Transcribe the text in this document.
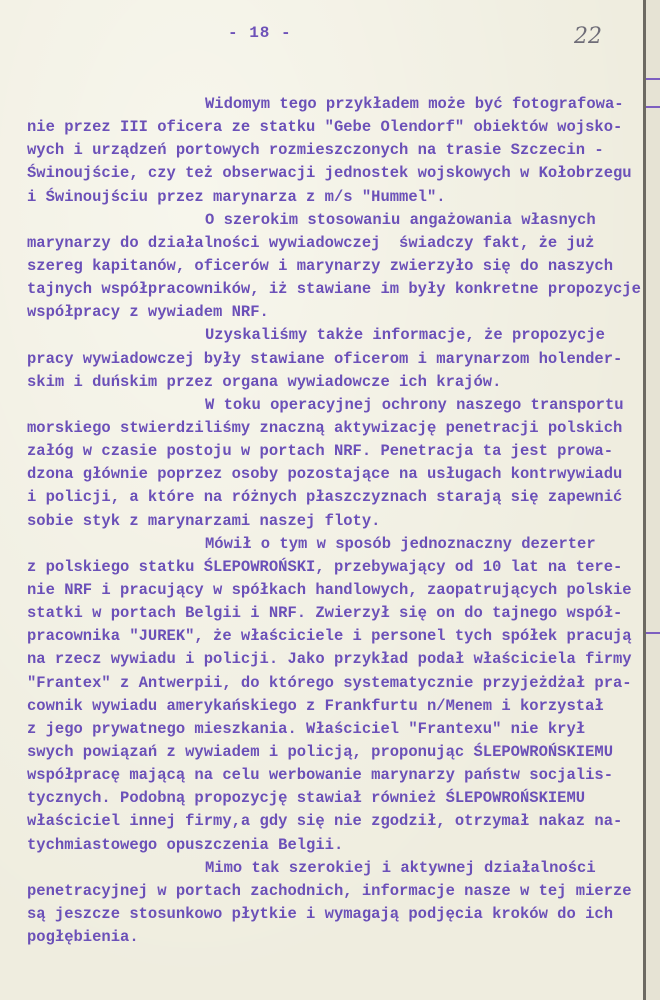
- 18 -	22
Widomym tego przykładem może być fotografowa-
nie przez III oficera ze statku "Gebe Olendorf" obiektów wojsko-
wych i urządzeń portowych rozmieszczonych na trasie Szczecin -
Świnoujście, czy też obserwacji jednostek wojskowych w Kołobrzegu
i Świnoujściu przez marynarza z m/s "Hummel".
O szerokim stosowaniu angażowania własnych
marynarzy do działalności wywiadowczej  świadczy fakt, że już
szereg kapitanów, oficerów i marynarzy zwierzyło się do naszych
tajnych współpracowników, iż stawiane im były konkretne propozycje
współpracy z wywiadem NRF.
Uzyskaliśmy także informacje, że propozycje
pracy wywiadowczej były stawiane oficerom i marynarzom holender-
skim i duńskim przez organa wywiadowcze ich krajów.
W toku operacyjnej ochrony naszego transportu
morskiego stwierdziliśmy znaczną aktywizację penetracji polskich
załóg w czasie postoju w portach NRF. Penetracja ta jest prowa-
dzona głównie poprzez osoby pozostające na usługach kontrwywiadu
i policji, a które na różnych płaszczyznach starają się zapewnić
sobie styk z marynarzami naszej floty.
Mówił o tym w sposób jednoznaczny dezerter
z polskiego statku ŚLEPOWROŃSKI, przebywający od 10 lat na tere-
nie NRF i pracujący w spółkach handlowych, zaopatrujących polskie
statki w portach Belgii i NRF. Zwierzył się on do tajnego współ-
pracownika "JUREK", że właściciele i personel tych spółek pracują
na rzecz wywiadu i policji. Jako przykład podał właściciela firmy
"Frantex" z Antwerpii, do którego systematycznie przyjeżdżał pra-
cownik wywiadu amerykańskiego z Frankfurtu n/Menem i korzystał
z jego prywatnego mieszkania. Właściciel "Frantexu" nie krył
swych powiązań z wywiadem i policją, proponując ŚLEPOWROŃSKIEMU
współpracę mającą na celu werbowanie marynarzy państw socjalis-
tycznych. Podobną propozycję stawiał również ŚLEPOWROŃSKIEMU
właściciel innej firmy,a gdy się nie zgodził, otrzymał nakaz na-
tychmiastowego opuszczenia Belgii.
Mimo tak szerokiej i aktywnej działalności
penetracyjnej w portach zachodnich, informacje nasze w tej mierze
są jeszcze stosunkowo płytkie i wymagają podjęcia kroków do ich
pogłębienia.
